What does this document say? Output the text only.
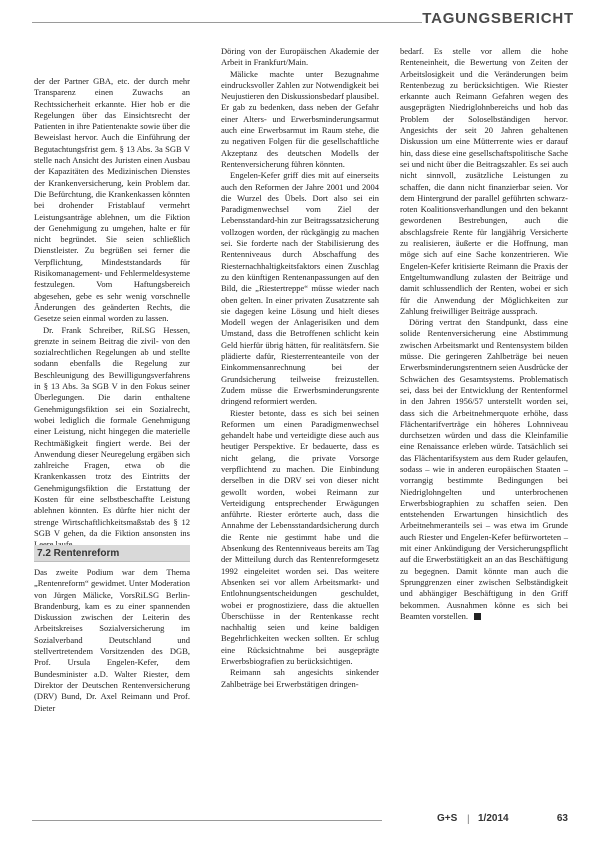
TAGUNGSBERICHT

der der Partner GBA, etc. der durch mehr Transparenz einen Zuwachs an Rechtssicherheit erkannte. Hier hob er die Regelungen über das Einsichtsrecht der Patienten in ihre Patientenakte sowie über die Beweislast hervor. Auch die Einführung der Begutachtungsfrist gem. § 13 Abs. 3a SGB V stelle nach Ansicht des Juristen einen Ausbau der Kapazitäten des Medizinischen Dienstes der Krankenversicherung, kein Problem dar. Die Befürchtung, die Krankenkassen könnten bei drohender Fristablauf vermehrt Leistungsanträge ablehnen, um die Fiktion der Genehmigung zu umgehen, halte er für nicht begründet. Sie seien schließlich Dienstleister. Zu begrüßen sei ferner die Verpflichtung, Mindeststandards für Risikomanagement- und Fehlermeldesysteme festzulegen. Vom Haftungsbereich abgesehen, gebe es sehr wenig vorschnelle Änderungen des geänderten Rechts, die Gesetze seien einmal worden zu lassen.

Dr. Frank Schreiber, RiLSG Hessen, grenzte in seinem Beitrag die zivil- von den sozialrechtlichen Regelungen ab und stellte sodann ebenfalls die Regelung zur Beschleunigung des Bewilligungsverfahrens in § 13 Abs. 3a SGB V in den Fokus seiner Überlegungen. Die darin enthaltene Genehmigungsfiktion sei ein Sozialrecht, wobei lediglich die formale Genehmigung einer Leistung, nicht hingegen die materielle Rechtmäßigkeit fingiert werde. Bei der Anwendung dieser Neuregelung ergäben sich zahlreiche Fragen, etwa ob die Krankenkassen trotz des Eintritts der Genehmigungsfiktion die Erstattung der Kosten für eine selbstbeschaffte Leistung ablehnen könnten. Es dürfte hier nicht der strenge Wirtschaftlichkeitsmaßstab des § 12 SGB V gehen, da die Fiktion ansonsten ins

7.2 Rentenreform

Das zweite Podium war dem Thema „Rentenreform“ gewidmet. Unter Moderation von Jürgen Mälicke, VorsRiLSG Berlin-Brandenburg, kam es zu einer spannenden Diskussion zwischen der Leiterin des Arbeitskreises Sozialversicherung im Sozialverband Deutschland und stellvertretendem Vorsitzenden des DGB, Prof. Ursula Engelen-Kefer, dem Bundesminister a.D. Walter Riester, dem Direktor der Deutschen Rentenversicherung (DRV) Bund, Dr. Axel Reimann und Prof. Dieter

Döring von der Europäischen Akademie der Arbeit in Frankfurt/Main.

Mälicke machte unter Bezugnahme eindrucksvoller Zahlen zur Notwendigkeit bei Neujustieren den Diskussionsbedarf plausibel. Er gab zu bedenken, dass neben der Gefahr einer Alters- und Erwerbsminderungsarmut auch eine Erwerbsarmut im Raum stehe, die zu negativen Folgen für die gesellschaftliche Akzeptanz des deutschen Modells der Rentenversicherung führen könnten.

Engelen-Kefer griff dies mit auf einerseits auch den Reformen der Jahre 2001 und 2004 die Wurzel des Übels. Dort also sei ein Paradigmenwechsel vom Ziel der Lebensstandard-hin zur Beitragssatzsicherung vollzogen worden, der rückgängig zu machen sei. Sie forderte nach der Stabilisierung des Rentenniveaus durch Abschaffung des Riesternachhaltigkeitsfaktors einen Zuschlag zu den künftigen Rentenanpassungen auf den Bild, die „Riestertreppe“ müsse wieder nach oben gelten. In einer privaten Zusatzrente sah sie dagegen keine Lösung und hielt dieses Modell wegen der Anlagerisiken und dem Umstand, dass die Betroffenen schlicht kein Geld hierfür übrig hätten, für realitätsfern. Sie plädierte dafür, Riesterrenteanteile von der Einkommensanrechnung bei der Grundsicherung teilweise freizustellen. Zudem müsse die Erwerbsminderungsrente dringend reformiert werden.

Riester betonte, dass es sich bei seinen Reformen um einen Paradigmenwechsel gehandelt habe und verteidigte diese auch aus heutiger Perspektive. Er bedauerte, dass es nicht gelang, die private Vorsorge verpflichtend zu machen. Die Einbindung derselben in die DRV sei von dieser nicht gewollt worden, wobei Reimann zur Verteidigung entsprechender Erwägungen anführte. Riester erörterte auch, dass die Annahme der Lebensstandardsicherung durch die Rente nie gestimmt habe und die Absenkung des Rentenniveaus bereits am Tag der Mitteilung durch das Rentenreformgesetz 1992 eingeleitet worden sei. Das weitere Absenken sei vor allem Arbeitsmarkt- und Entlohnungsentscheidungen geschuldet, wobei er prognostiziere, dass die aktuellen Überschüsse in der Rentenkasse recht nachhaltig seien und keine baldigen Begehrlichkeiten wecken sollten. Er schlug eine Rücksichtnahme bei ausgeprägte Erwerbsbiografien zu berücksichtigen.

Reimann sah angesichts sinkender Zahlbeträge bei Erwerbstätigen dringen-

bedarf. Es stelle vor allem die hohe Renteneinheit, die Bewertung von Zeiten der Arbeitslosigkeit und die Veränderungen beim Rentenbezug zu berücksichtigen. Wie Riester erkannte auch Reimann Gefahren wegen des ausgeprägten Niedriglohnbereichs und hob das Problem der Soloselbständigen hervor. Angesichts der seit 20 Jahren gehaltenen Diskussion um eine Mütterrente wies er darauf hin, dass diese eine gesellschaftspolitische Sache sei und nicht über die Beitragszahler. Es sei auch nicht sinnvoll, zusätzliche Leistungen zu schaffen, die dann nicht finanzierbar seien. Vor dem Hintergrund der parallel geführten schwarz-roten Koalitionsverhandlungen und den bekannt gewordenen Bestrebungen, auch die abschlagsfreie Rente für langjährig Versicherte zu realisieren, äußerte er die Hoffnung, man möge sich auf eine Sache konzentrieren. Wie Engelen-Kefer kritisierte Reimann die Praxis der Entgeltumwandlung zulasten der Beiträge und damit schlussendlich der Renten, wobei er sich für die Anwendung der Möglichkeiten zur Zahlung freiwilliger Beiträge aussprach.

Döring vertrat den Standpunkt, dass eine solide Rentenversicherung eine Abstimmung zwischen Arbeitsmarkt und Rentensystem bilden müsse. Die geringeren Zahlbeträge bei neuen Erwerbsminderungsrentnern seien Ausdrücke der Schwächen des Gesamtsystems. Problematisch sei, dass bei der Entwicklung der Rentenformel in den Jahren 1956/57 unterstellt worden sei, dass sich die Arbeitnehmerquote erhöhe, dass Flächentarifverträge ein höheres Lohnniveau durchsetzen würden und dass die Kleinfamilie eine Renaissance erleben würde. Tatsächlich sei das Flächentarifsystem aus dem Ruder gelaufen, sodass – wie in anderen europäischen Staaten – vorrangig bestimmte Bedingungen bei Niedriglohngelten und unterbrochenen Erwerbsbiographien zu schaffen seien. Den entstehenden Erwartungen hinsichtlich des Arbeitnehmeranteils sei – was etwa im Grunde auch Riester und Engelen-Kefer befürworteten – mit einer Ankündigung der Versicherungspflicht auf die Erwerbstätigkeit an an das Beschäftigung zu begegnen. Damit könnte man auch die Sprunggrenzen einer zwischen Selbständigkeit und abhängiger Beschäftigung in den Griff bekommen. Ausnahmen könne es sich bei Beamten vorstellen.

G+S | 1/2014	63
